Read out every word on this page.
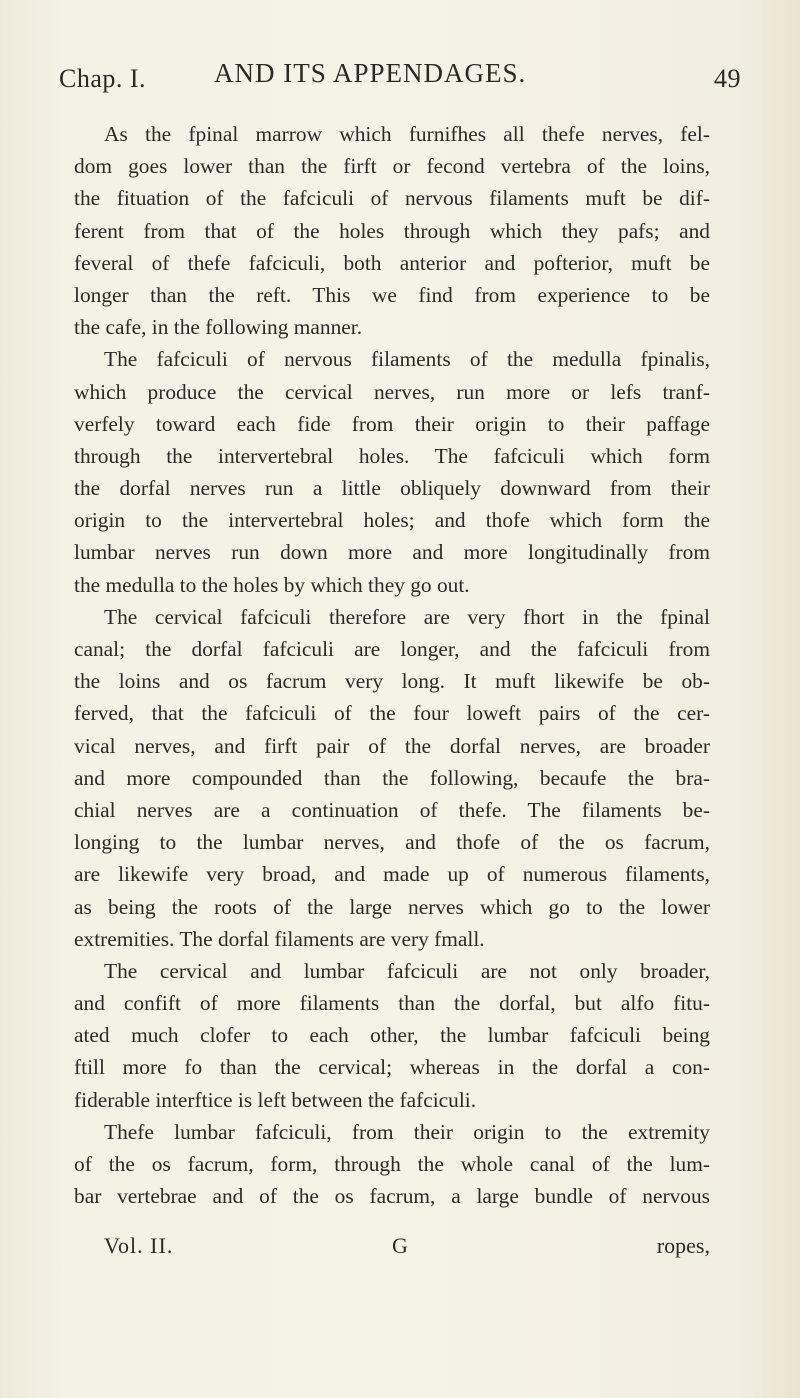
Chap. I.	AND ITS APPENDAGES.	49
As the fpinal marrow which furnifhes all thefe nerves, fel-
dom goes lower than the firft or fecond vertebra of the loins,
the fituation of the fafciculi of nervous filaments muft be dif-
ferent from that of the holes through which they pafs; and
feveral of thefe fafciculi, both anterior and pofterior, muft be
longer than the reft. This we find from experience to be
the cafe, in the following manner.
The fafciculi of nervous filaments of the medulla fpinalis,
which produce the cervical nerves, run more or lefs tranf-
verfely toward each fide from their origin to their paffage
through the intervertebral holes. The fafciculi which form
the dorfal nerves run a little obliquely downward from their
origin to the intervertebral holes; and thofe which form the
lumbar nerves run down more and more longitudinally from
the medulla to the holes by which they go out.
The cervical fafciculi therefore are very fhort in the fpinal
canal; the dorfal fafciculi are longer, and the fafciculi from
the loins and os facrum very long. It muft likewife be ob-
ferved, that the fafciculi of the four loweft pairs of the cer-
vical nerves, and firft pair of the dorfal nerves, are broader
and more compounded than the following, becaufe the bra-
chial nerves are a continuation of thefe. The filaments be-
longing to the lumbar nerves, and thofe of the os facrum,
are likewife very broad, and made up of numerous filaments,
as being the roots of the large nerves which go to the lower
extremities. The dorfal filaments are very fmall.
The cervical and lumbar fafciculi are not only broader,
and confift of more filaments than the dorfal, but alfo fitu-
ated much clofer to each other, the lumbar fafciculi being
ftill more fo than the cervical; whereas in the dorfal a con-
fiderable interftice is left between the fafciculi.
Thefe lumbar fafciculi, from their origin to the extremity
of the os facrum, form, through the whole canal of the lum-
bar vertebrae and of the os facrum, a large bundle of nervous
Vol. II.	G	ropes,
